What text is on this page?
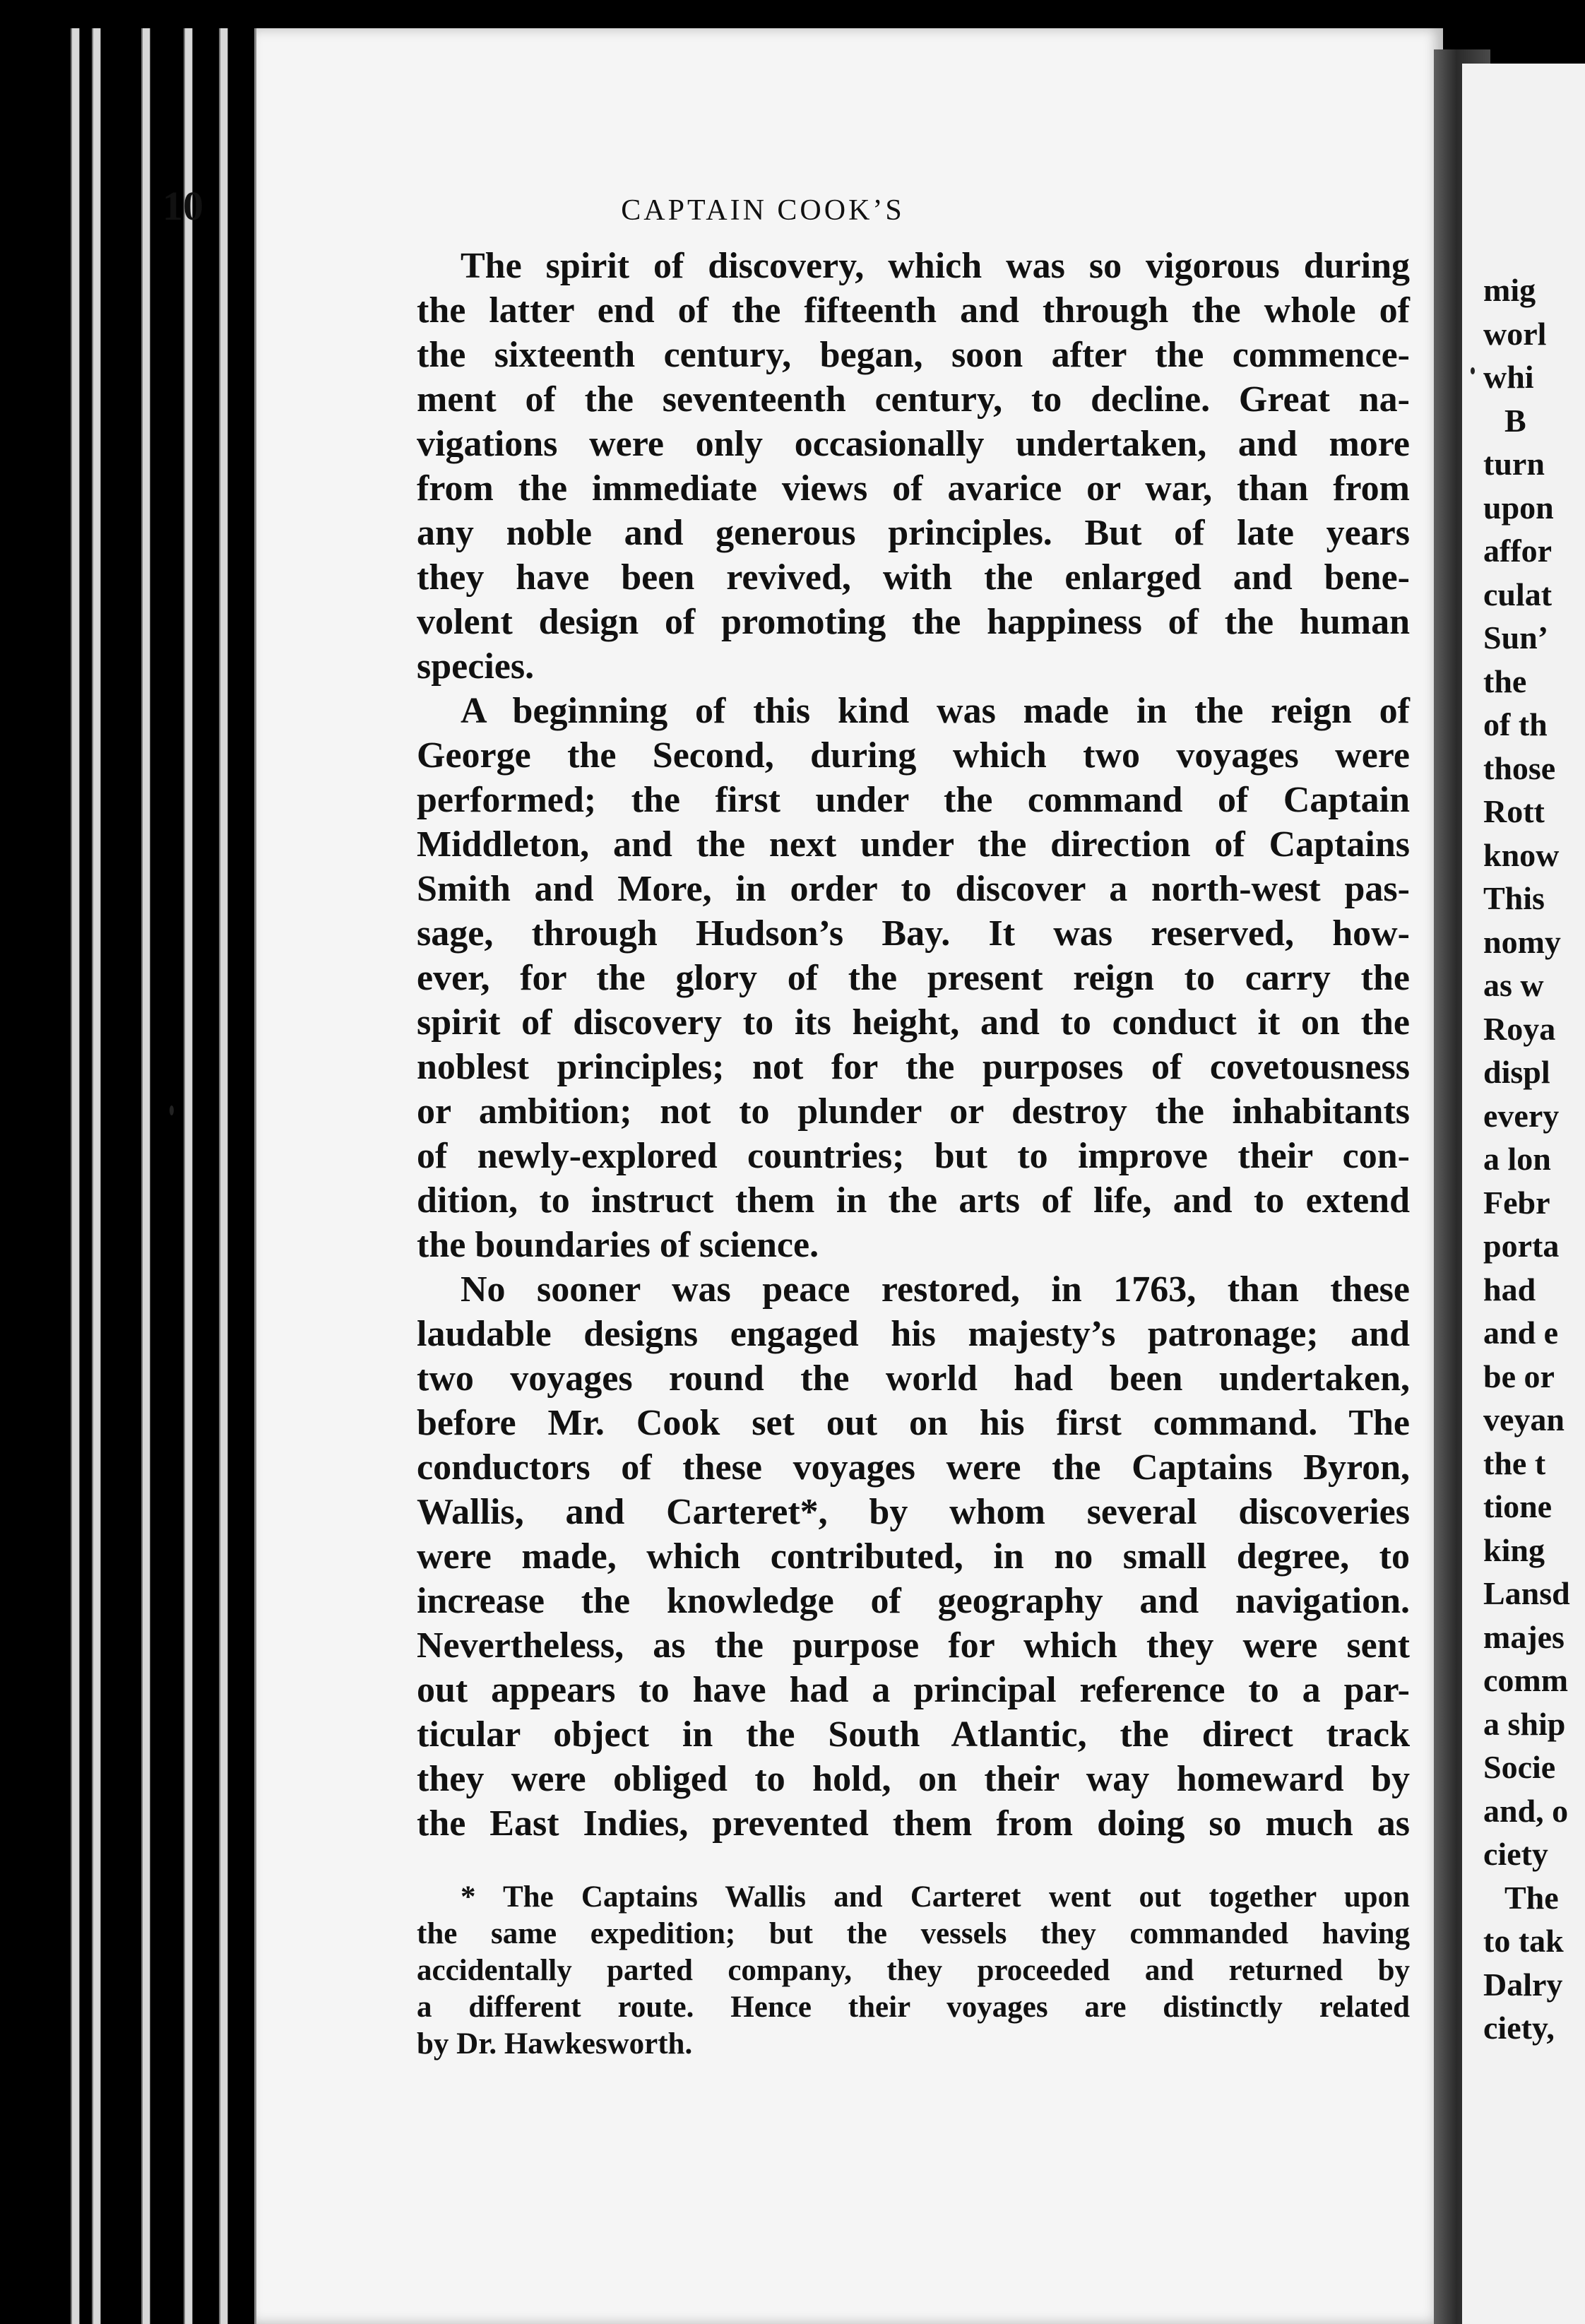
10	CAPTAIN COOK’S
The spirit of discovery, which was so vigorous during
the latter end of the fifteenth and through the whole of
the sixteenth century, began, soon after the commence-
ment of the seventeenth century, to decline. Great na-
vigations were only occasionally undertaken, and more
from the immediate views of avarice or war, than from
any noble and generous principles. But of late years
they have been revived, with the enlarged and bene-
volent design of promoting the happiness of the human
species.
A beginning of this kind was made in the reign of
George the Second, during which two voyages were
performed; the first under the command of Captain
Middleton, and the next under the direction of Captains
Smith and More, in order to discover a north-west pas-
sage, through Hudson’s Bay. It was reserved, how-
ever, for the glory of the present reign to carry the
spirit of discovery to its height, and to conduct it on the
noblest principles; not for the purposes of covetousness
or ambition; not to plunder or destroy the inhabitants
of newly-explored countries; but to improve their con-
dition, to instruct them in the arts of life, and to extend
the boundaries of science.
No sooner was peace restored, in 1763, than these
laudable designs engaged his majesty’s patronage; and
two voyages round the world had been undertaken,
before Mr. Cook set out on his first command. The
conductors of these voyages were the Captains Byron,
Wallis, and Carteret*, by whom several discoveries
were made, which contributed, in no small degree, to
increase the knowledge of geography and navigation.
Nevertheless, as the purpose for which they were sent
out appears to have had a principal reference to a par-
ticular object in the South Atlantic, the direct track
they were obliged to hold, on their way homeward by
the East Indies, prevented them from doing so much as
* The Captains Wallis and Carteret went out together upon
the same expedition; but the vessels they commanded having
accidentally parted company, they proceeded and returned by
a different route. Hence their voyages are distinctly related
by Dr. Hawkesworth.
mig
worl
whi
B
turn
upon
affor
culat
Sun’
the
of th
those
Rott
know
This
nomy
as w
Roya
displ
every
a lon
Febr
porta
had
and e
be or
veyan
the t
tione
king
Lansd
majes
comm
a ship
Socie
and, o
ciety
The
to tak
Dalry
ciety,
